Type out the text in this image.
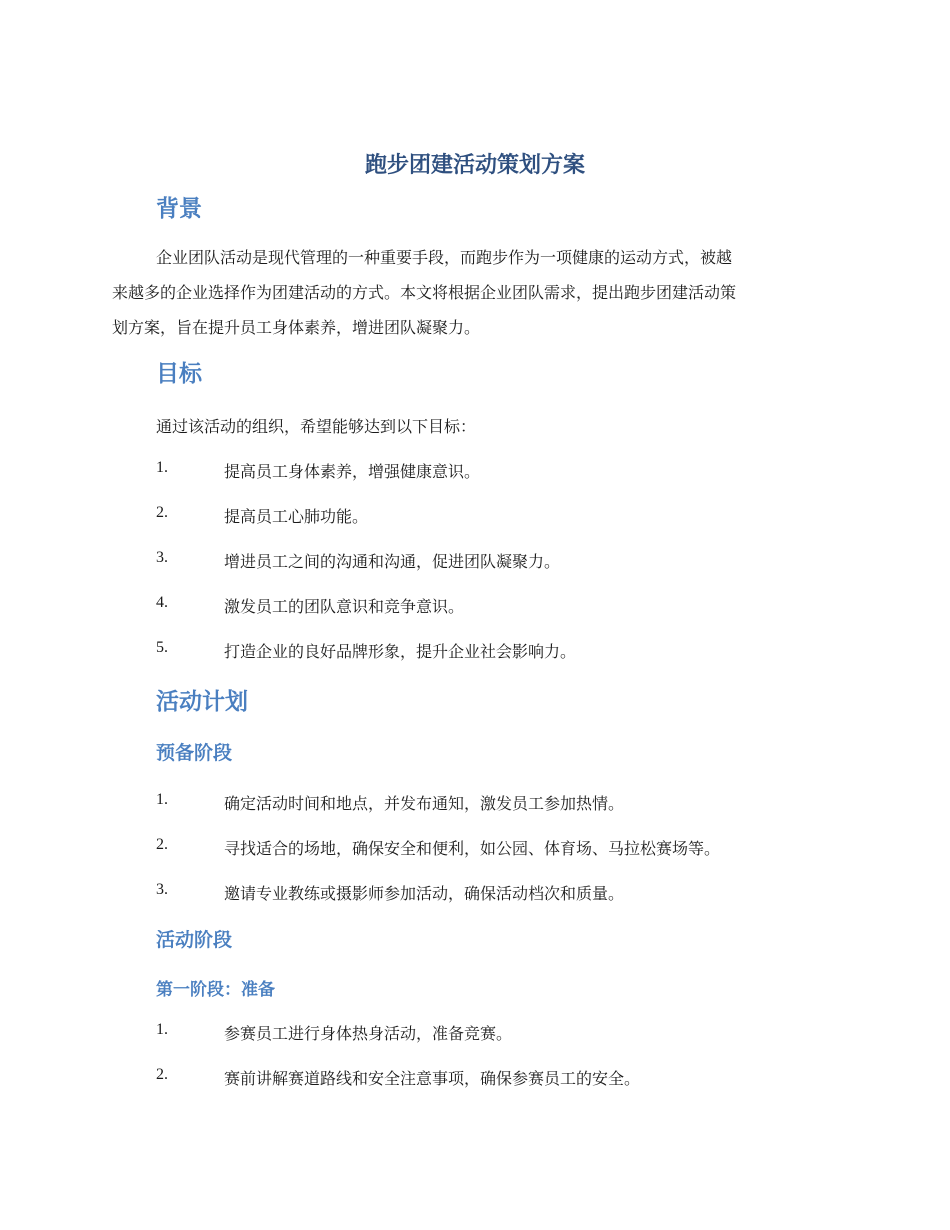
跑步团建活动策划方案
背景
企业团队活动是现代管理的一种重要手段，而跑步作为一项健康的运动方式，被越
来越多的企业选择作为团建活动的方式。本文将根据企业团队需求，提出跑步团建活动策
划方案，旨在提升员工身体素养，增进团队凝聚力。
目标

通过该活动的组织，希望能够达到以下目标：

1.	提高员工身体素养，增强健康意识。
2.	提高员工心肺功能。
3.	增进员工之间的沟通和沟通，促进团队凝聚力。
4.	激发员工的团队意识和竞争意识。
5.	打造企业的良好品牌形象，提升企业社会影响力。
活动计划
预备阶段
1.	确定活动时间和地点，并发布通知，激发员工参加热情。
2.	寻找适合的场地，确保安全和便利，如公园、体育场、马拉松赛场等。
3.	邀请专业教练或摄影师参加活动，确保活动档次和质量。
活动阶段
第一阶段：准备
1.	参赛员工进行身体热身活动，准备竞赛。
2.	赛前讲解赛道路线和安全注意事项，确保参赛员工的安全。
